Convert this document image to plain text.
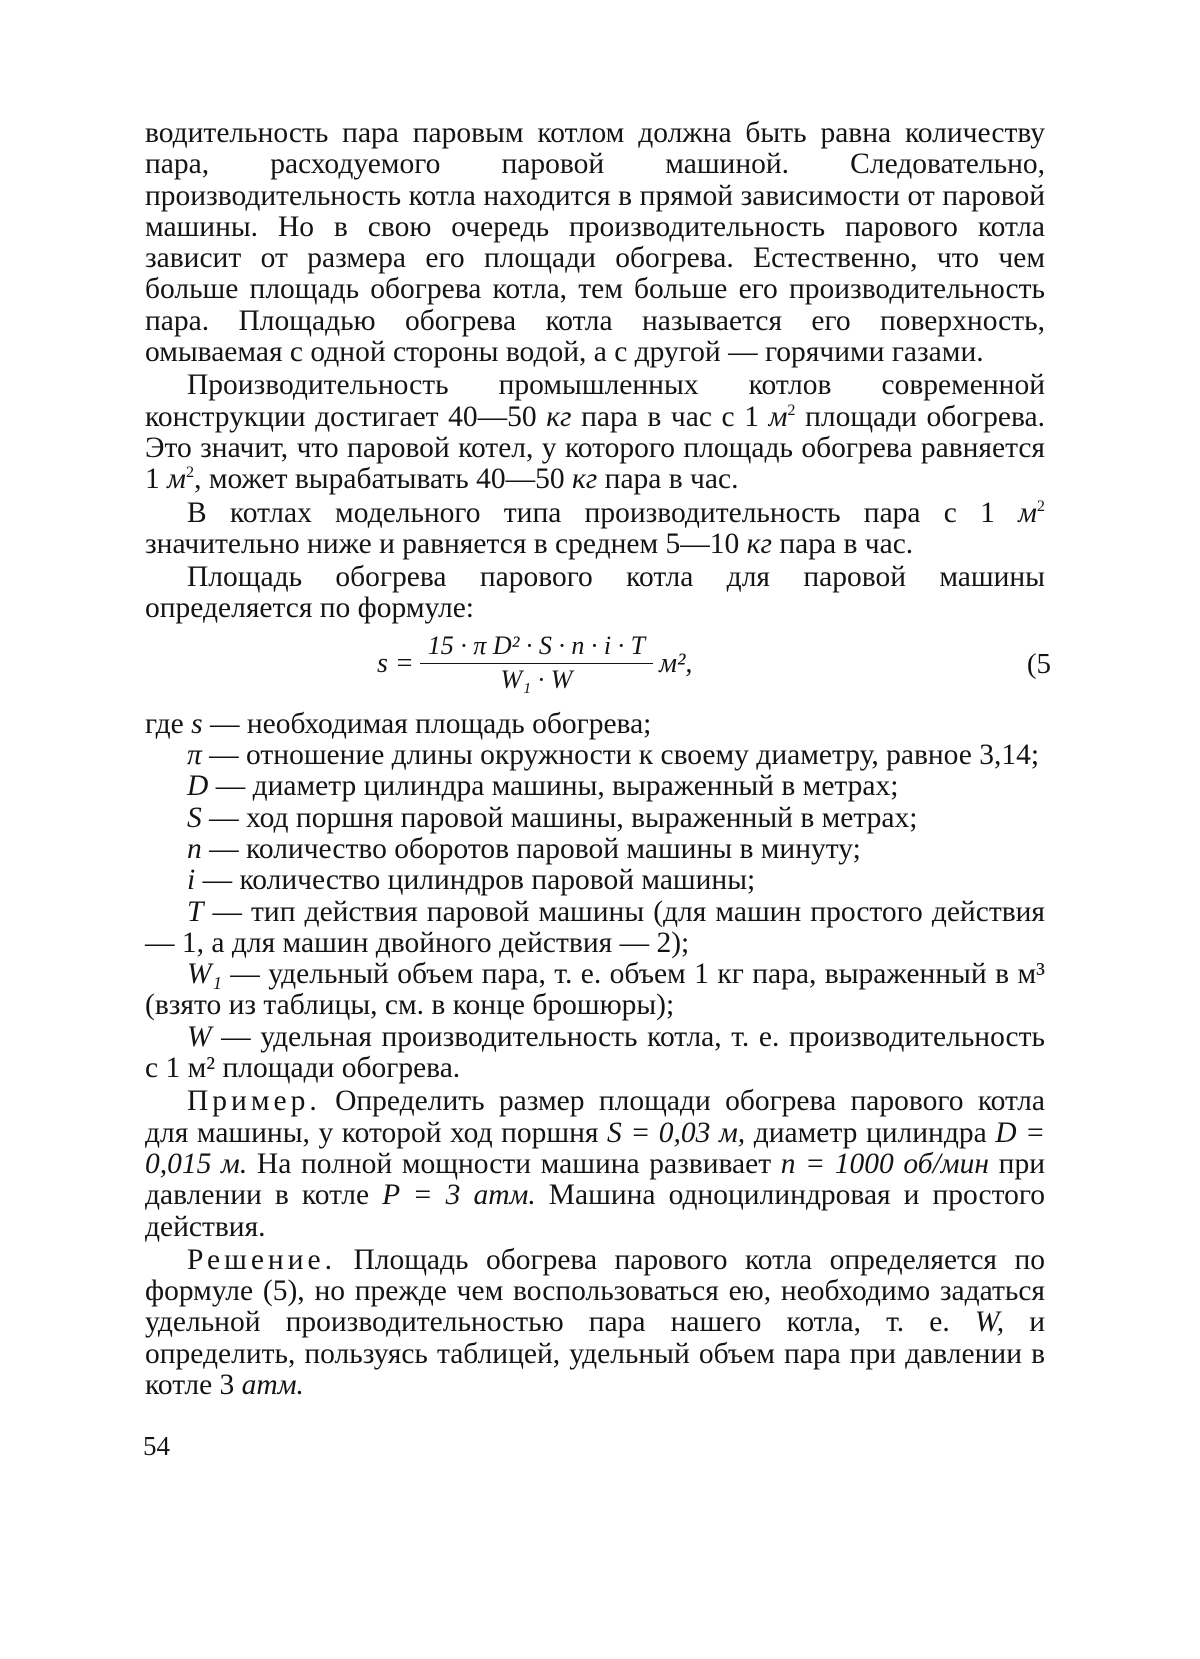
водительность пара паровым котлом должна быть равна количеству пара, расходуемого паровой машиной. Следовательно, производительность котла находится в прямой зависимости от паровой машины. Но в свою очередь производительность парового котла зависит от размера его площади обогрева. Естественно, что чем больше площадь обогрева котла, тем больше его производительность пара. Площадью обогрева котла называется его поверхность, омываемая с одной стороны водой, а с другой — горячими газами.

Производительность промышленных котлов современной конструкции достигает 40—50 кг пара в час с 1 $м^2$ площади обогрева. Это значит, что паровой котел, у которого площадь обогрева равняется 1 $м^2$, может вырабатывать 40—50 кг пара в час.

В котлах модельного типа производительность пара с 1 $м^2$ значительно ниже и равняется в среднем 5—10 кг пара в час.

Площадь обогрева парового котла для паровой машины определяется по формуле:

$s = \frac{\text{15 · π D² · S · n · i · T}}{\text{W₁ · W}} м^2$,	(5

где s — необходимая площадь обогрева;

π — отношение длины окружности к своему диаметру, равное 3,14;

D — диаметр цилиндра машины, выраженный в метрах;

S — ход поршня паровой машины, выраженный в метрах;

n — количество оборотов паровой машины в минуту;

i — количество цилиндров паровой машины;

T — тип действия паровой машины (для машин простого действия — 1, а для машин двойного действия — 2);

W₁ — удельный объем пара, т. е. объем 1 кг пара, выраженный в м³ (взято из таблицы, см. в конце брошюры);

W — удельная производительность котла, т. е. производительность с 1 м² площади обогрева.

Пример. Определить размер площади обогрева парового котла для машины, у которой ход поршня S = 0,03 м, диаметр цилиндра D = 0,015 м. На полной мощности машина развивает n = 1000 об/мин при давлении в котле P = 3 атм. Машина одноцилиндровая и простого действия.

Решение. Площадь обогрева парового котла определяется по формуле (5), но прежде чем воспользоваться ею, необходимо задаться удельной производительностью пара нашего котла, т. е. W, и определить, пользуясь таблицей, удельный объем пара при давлении в котле 3 атм.

54
